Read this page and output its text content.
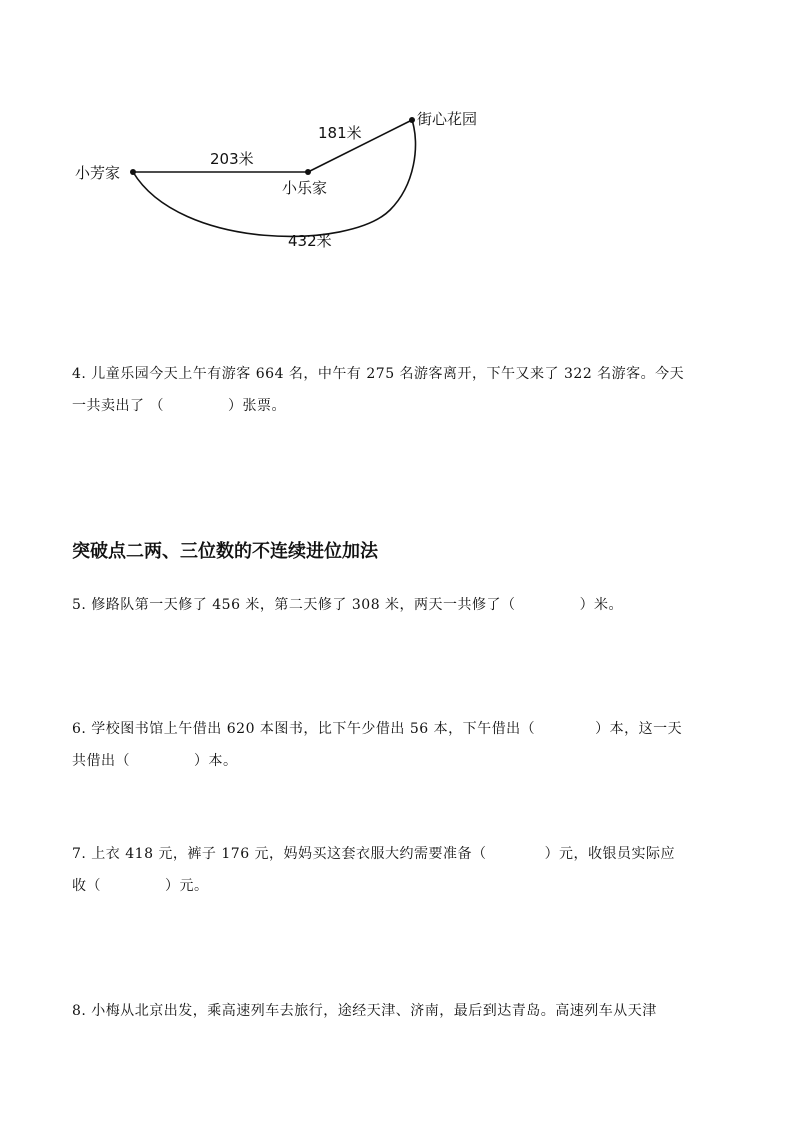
小芳家
小乐家
街心花园
203米
181米
432米

4. 儿童乐园今天上午有游客 664 名，中午有 275 名游客离开，下午又来了 322 名游客。今天

一共卖出了 （	）张票。

突破点二两、三位数的不连续进位加法

5. 修路队第一天修了 456 米，第二天修了 308 米，两天一共修了（	）米。

6. 学校图书馆上午借出 620 本图书，比下午少借出 56 本，下午借出（	）本，这一天

共借出（	）本。

7. 上衣 418 元，裤子 176 元，妈妈买这套衣服大约需要准备（	）元，收银员实际应

收（	）元。

8. 小梅从北京出发，乘高速列车去旅行，途经天津、济南，最后到达青岛。高速列车从天津
